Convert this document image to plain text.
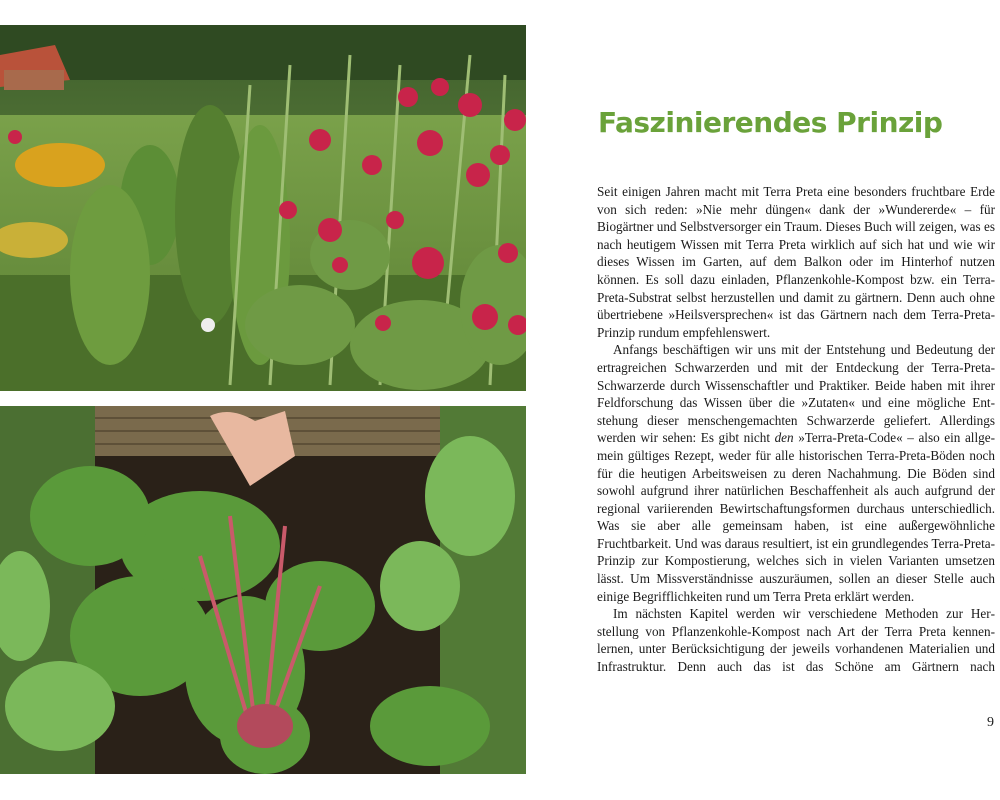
Faszinierendes Prinzip

Seit einigen Jahren macht mit Terra Preta eine besonders fruchtbare Erde von sich reden: »Nie mehr düngen« dank der »Wundererde« – für Biogärtner und Selbstversorger ein Traum. Dieses Buch will zeigen, was es nach heutigem Wissen mit Terra Preta wirklich auf sich hat und wie wir dieses Wissen im Garten, auf dem Balkon oder im Hinterhof nutzen können. Es soll dazu einladen, Pflanzenkohle-Kompost bzw. ein Terra-Preta-Substrat selbst herzustellen und damit zu gärtnern. Denn auch ohne übertriebene »Heilsversprechen« ist das Gärtnern nach dem Terra-Preta-Prinzip rundum empfehlenswert.

Anfangs beschäftigen wir uns mit der Entstehung und Bedeutung der ertragreichen Schwarzerden und mit der Entdeckung der Terra-Preta-Schwarzerde durch Wissenschaftler und Praktiker. Beide haben mit ihrer Feldforschung das Wissen über die »Zutaten« und eine mögliche Entstehung dieser menschengemachten Schwarzerde geliefert. Allerdings werden wir sehen: Es gibt nicht den »Terra-Preta-Code« – also ein allgemein gültiges Rezept, weder für alle historischen Terra-Preta-Böden noch für die heutigen Arbeitsweisen zu deren Nachahmung. Die Böden sind sowohl aufgrund ihrer natürlichen Beschaffenheit als auch aufgrund der regional variierenden Bewirtschaftungsformen durchaus unterschiedlich. Was sie aber alle gemeinsam haben, ist eine außergewöhnliche Fruchtbarkeit. Und was daraus resultiert, ist ein grundlegendes Terra-Preta-Prinzip zur Kompostierung, welches sich in vielen Varianten umsetzen lässt. Um Missverständnisse auszuräumen, sollen an dieser Stelle auch einige Begrifflichkeiten rund um Terra Preta erklärt werden.

Im nächsten Kapitel werden wir verschiedene Methoden zur Herstellung von Pflanzenkohle-Kompost nach Art der Terra Preta kennenlernen, unter Berücksichtigung der jeweils vorhandenen Materialien und Infrastruktur. Denn auch das ist das Schöne am Gärtnern nach

9
